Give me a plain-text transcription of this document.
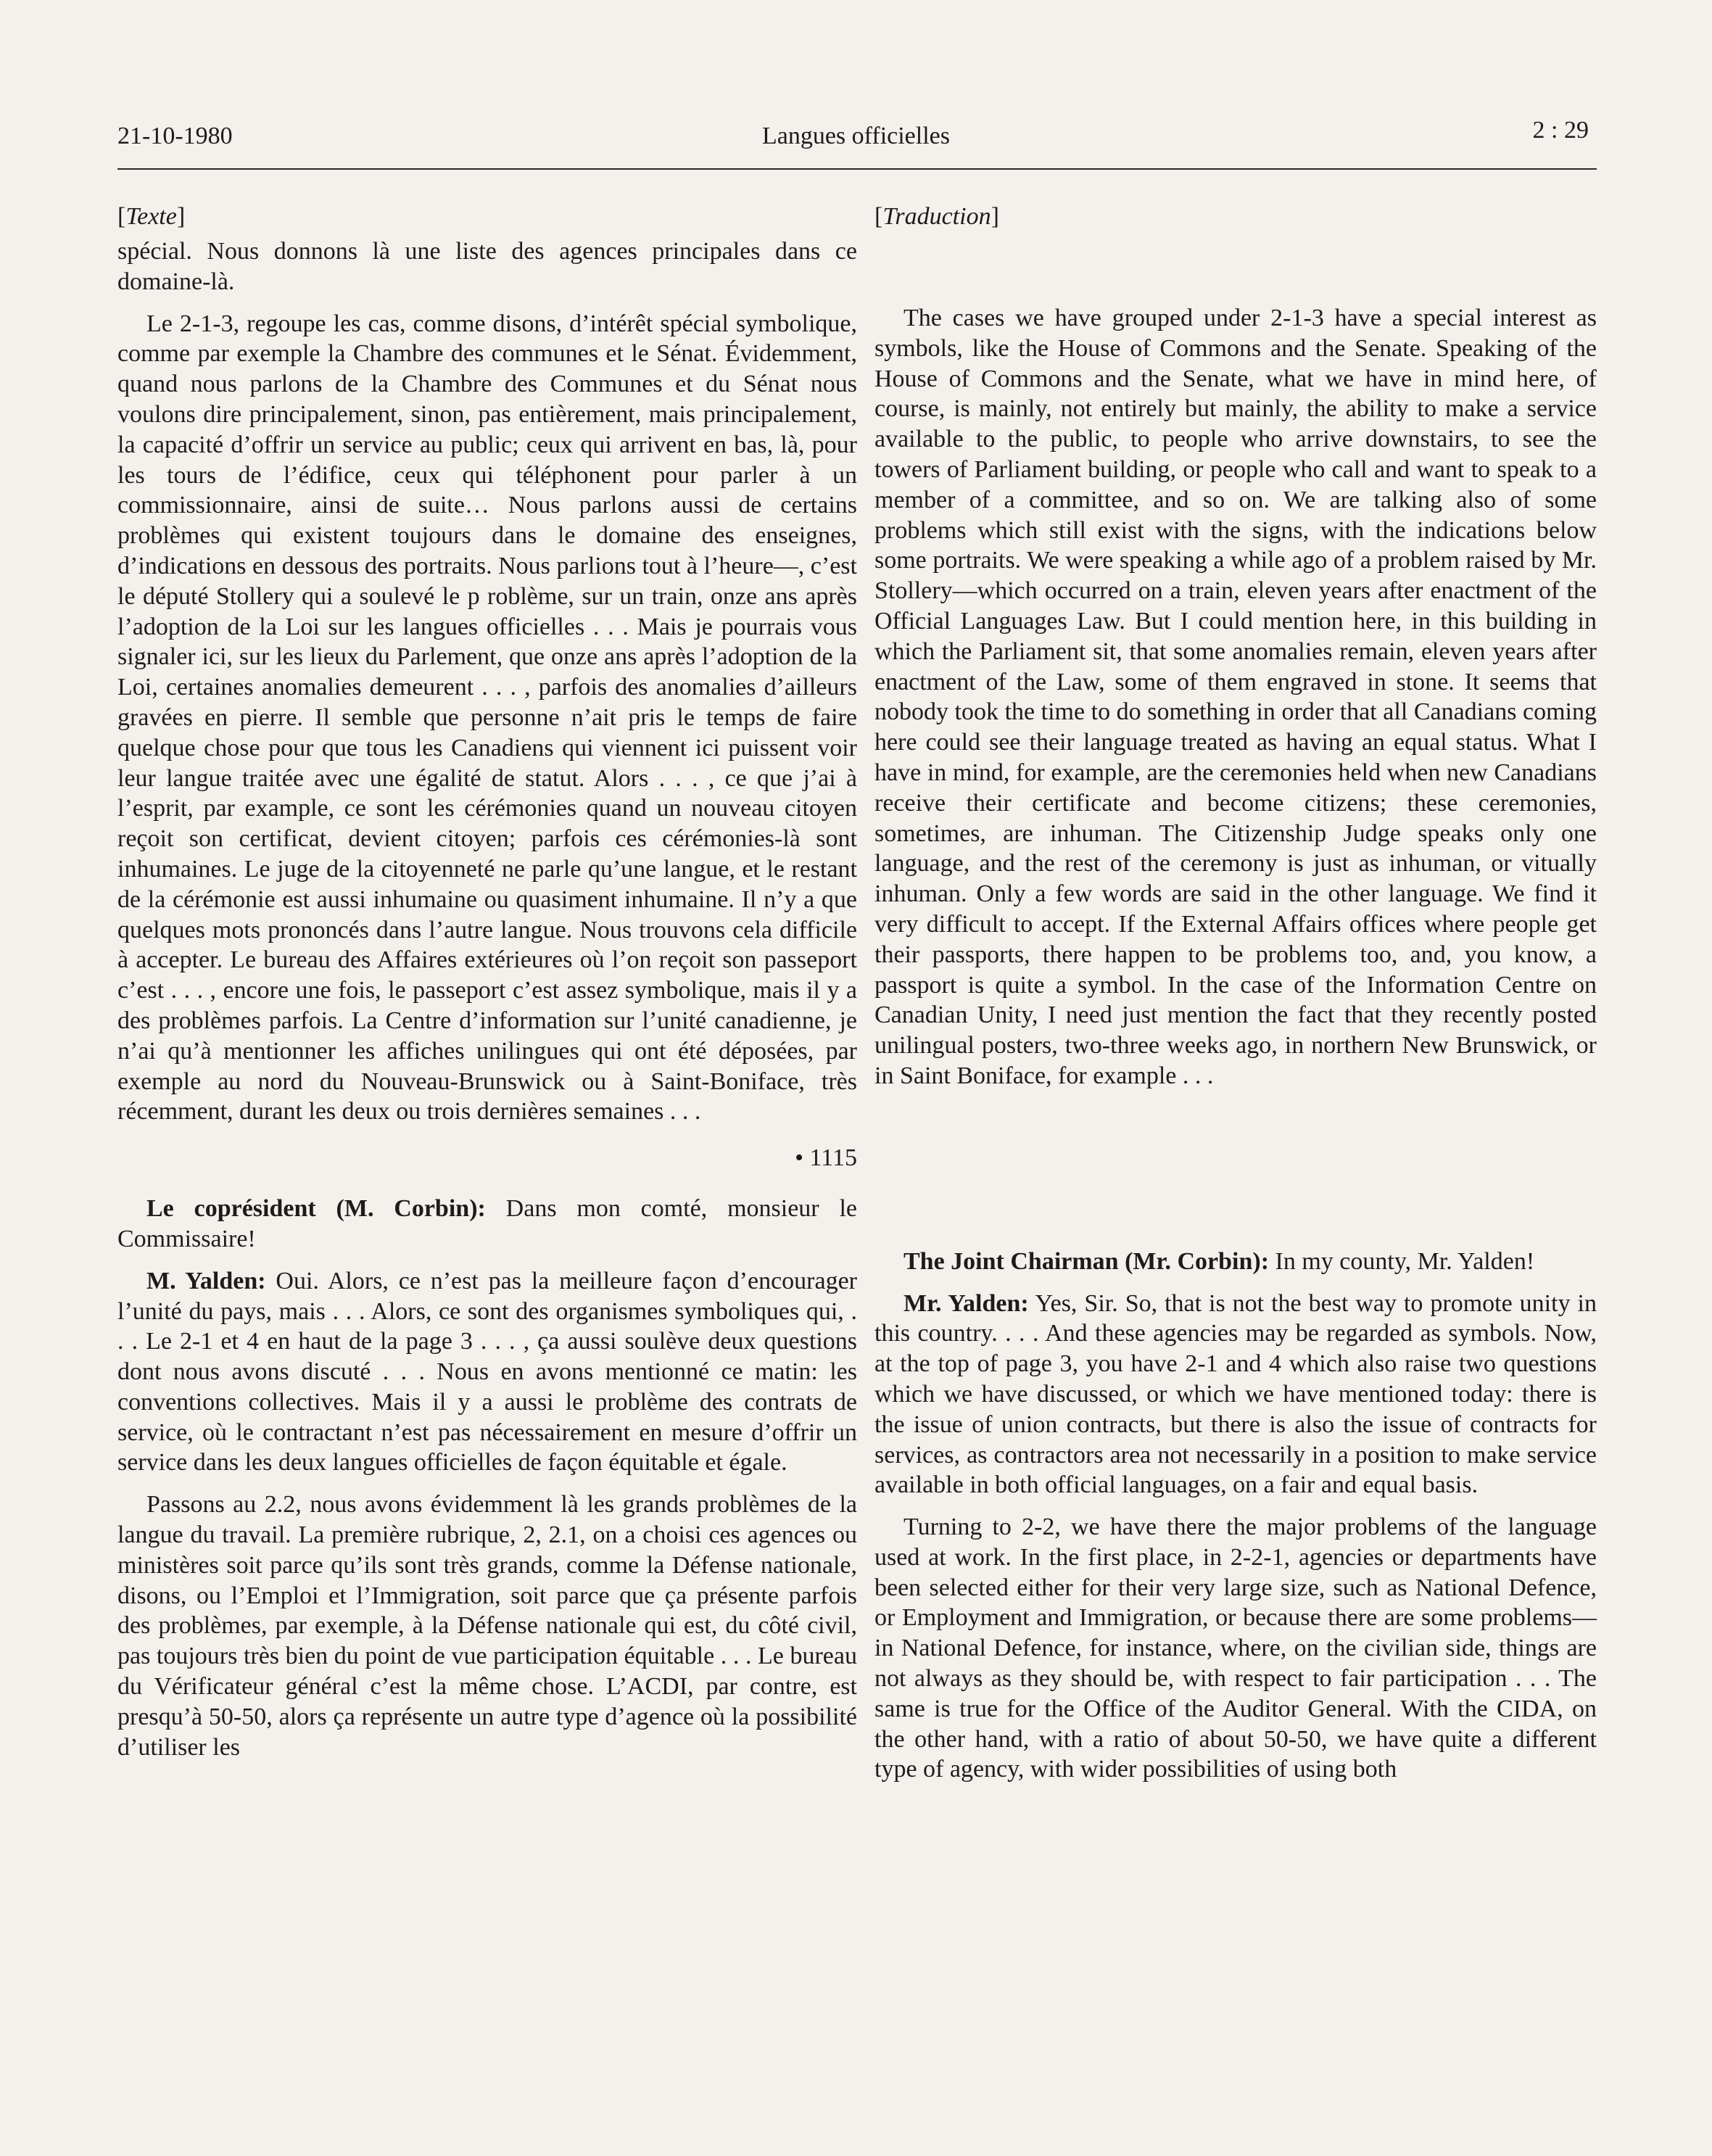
21-10-1980	Langues officielles	2 : 29
[Texte]

spécial. Nous donnons là une liste des agences principales dans ce domaine-là.

Le 2-1-3, regoupe les cas, comme disons, d’intérêt spécial symbolique, comme par exemple la Chambre des communes et le Sénat. Évidemment, quand nous parlons de la Chambre des Communes et du Sénat nous voulons dire principalement, sinon, pas entièrement, mais principalement, la capacité d’offrir un service au public; ceux qui arrivent en bas, là, pour les tours de l’édifice, ceux qui téléphonent pour parler à un commissionnaire, ainsi de suite… Nous parlons aussi de certains problèmes qui existent toujours dans le domaine des enseignes, d’indications en dessous des portraits. Nous parlions tout à l’heure—, c’est le député Stollery qui a soulevé le p roblème, sur un train, onze ans après l’adoption de la Loi sur les langues officielles . . . Mais je pourrais vous signaler ici, sur les lieux du Parlement, que onze ans après l’adoption de la Loi, certaines anomalies demeurent . . . , parfois des anomalies d’ailleurs gravées en pierre. Il semble que personne n’ait pris le temps de faire quelque chose pour que tous les Canadiens qui viennent ici puissent voir leur langue traitée avec une égalité de statut. Alors . . . , ce que j’ai à l’esprit, par example, ce sont les cérémonies quand un nouveau citoyen reçoit son certificat, devient citoyen; parfois ces cérémonies-là sont inhumaines. Le juge de la citoyenneté ne parle qu’une langue, et le restant de la cérémonie est aussi inhumaine ou quasiment inhumaine. Il n’y a que quelques mots prononcés dans l’autre langue. Nous trouvons cela difficile à accepter. Le bureau des Affaires extérieures où l’on reçoit son passeport c’est . . . , encore une fois, le passeport c’est assez symbolique, mais il y a des problèmes parfois. La Centre d’information sur l’unité canadienne, je n’ai qu’à mentionner les affiches unilingues qui ont été déposées, par exemple au nord du Nouveau-Brunswick ou à Saint-Boniface, très récemment, durant les deux ou trois dernières semaines . . .

• 1115

Le coprésident (M. Corbin): Dans mon comté, monsieur le Commissaire!

M. Yalden: Oui. Alors, ce n’est pas la meilleure façon d’encourager l’unité du pays, mais . . . Alors, ce sont des organismes symboliques qui, . . . Le 2-1 et 4 en haut de la page 3 . . . , ça aussi soulève deux questions dont nous avons discuté . . . Nous en avons mentionné ce matin: les conventions collectives. Mais il y a aussi le problème des contrats de service, où le contractant n’est pas nécessairement en mesure d’offrir un service dans les deux langues officielles de façon équitable et égale.

Passons au 2.2, nous avons évidemment là les grands problèmes de la langue du travail. La première rubrique, 2, 2.1, on a choisi ces agences ou ministères soit parce qu’ils sont très grands, comme la Défense nationale, disons, ou l’Emploi et l’Immigration, soit parce que ça présente parfois des problèmes, par exemple, à la Défense nationale qui est, du côté civil, pas toujours très bien du point de vue participation équitable . . . Le bureau du Vérificateur général c’est la même chose. L’ACDI, par contre, est presqu’à 50-50, alors ça représente un autre type d’agence où la possibilité d’utiliser les

[Traduction]

The cases we have grouped under 2-1-3 have a special interest as symbols, like the House of Commons and the Senate. Speaking of the House of Commons and the Senate, what we have in mind here, of course, is mainly, not entirely but mainly, the ability to make a service available to the public, to people who arrive downstairs, to see the towers of Parliament building, or people who call and want to speak to a member of a committee, and so on. We are talking also of some problems which still exist with the signs, with the indications below some portraits. We were speaking a while ago of a problem raised by Mr. Stollery—which occurred on a train, eleven years after enactment of the Official Languages Law. But I could mention here, in this building in which the Parliament sit, that some anomalies remain, eleven years after enactment of the Law, some of them engraved in stone. It seems that nobody took the time to do something in order that all Canadians coming here could see their language treated as having an equal status. What I have in mind, for example, are the ceremonies held when new Canadians receive their certificate and become citizens; these ceremonies, sometimes, are inhuman. The Citizenship Judge speaks only one language, and the rest of the ceremony is just as inhuman, or vitually inhuman. Only a few words are said in the other language. We find it very difficult to accept. If the External Affairs offices where people get their passports, there happen to be problems too, and, you know, a passport is quite a symbol. In the case of the Information Centre on Canadian Unity, I need just mention the fact that they recently posted unilingual posters, two-three weeks ago, in northern New Brunswick, or in Saint Boniface, for example . . .

The Joint Chairman (Mr. Corbin): In my county, Mr. Yalden!

Mr. Yalden: Yes, Sir. So, that is not the best way to promote unity in this country. . . . And these agencies may be regarded as symbols. Now, at the top of page 3, you have 2-1 and 4 which also raise two questions which we have discussed, or which we have mentioned today: there is the issue of union contracts, but there is also the issue of contracts for services, as contractors area not necessarily in a position to make service available in both official languages, on a fair and equal basis.

Turning to 2-2, we have there the major problems of the language used at work. In the first place, in 2-2-1, agencies or departments have been selected either for their very large size, such as National Defence, or Employment and Immigration, or because there are some problems—in National Defence, for instance, where, on the civilian side, things are not always as they should be, with respect to fair participation . . . The same is true for the Office of the Auditor General. With the CIDA, on the other hand, with a ratio of about 50-50, we have quite a different type of agency, with wider possibilities of using both
